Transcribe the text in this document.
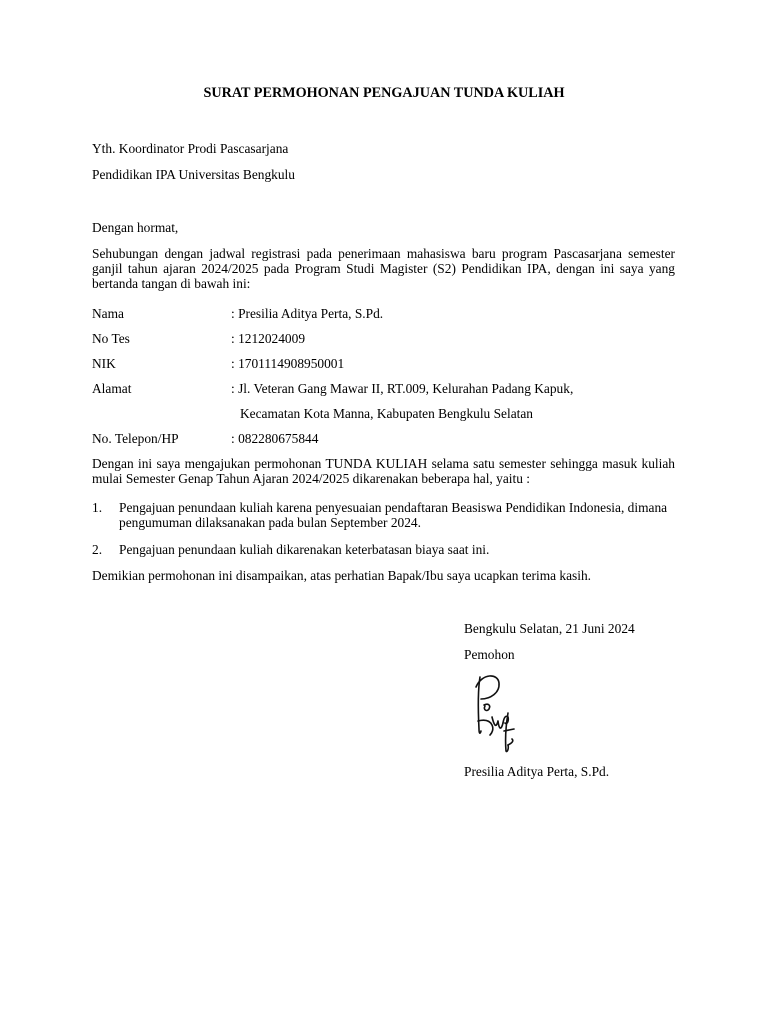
SURAT PERMOHONAN PENGAJUAN TUNDA KULIAH
Yth. Koordinator Prodi Pascasarjana
Pendidikan IPA Universitas Bengkulu
Dengan hormat,
Sehubungan dengan jadwal registrasi pada penerimaan mahasiswa baru program Pascasarjana semester ganjil tahun ajaran 2024/2025 pada Program Studi Magister (S2) Pendidikan IPA, dengan ini saya yang bertanda tangan di bawah ini:
Nama	: Presilia Aditya Perta, S.Pd.
No Tes	: 1212024009
NIK	: 1701114908950001
Alamat	: Jl. Veteran Gang Mawar II, RT.009, Kelurahan Padang Kapuk,
Kecamatan Kota Manna, Kabupaten Bengkulu Selatan
No. Telepon/HP	: 082280675844
Dengan ini saya mengajukan permohonan TUNDA KULIAH selama satu semester sehingga masuk kuliah mulai Semester Genap Tahun Ajaran 2024/2025 dikarenakan beberapa hal, yaitu :
1. Pengajuan penundaan kuliah karena penyesuaian pendaftaran Beasiswa Pendidikan Indonesia, dimana pengumuman dilaksanakan pada bulan September 2024.
2. Pengajuan penundaan kuliah dikarenakan keterbatasan biaya saat ini.
Demikian permohonan ini disampaikan, atas perhatian Bapak/Ibu saya ucapkan terima kasih.
Bengkulu Selatan, 21 Juni 2024
Pemohon
Presilia Aditya Perta, S.Pd.
